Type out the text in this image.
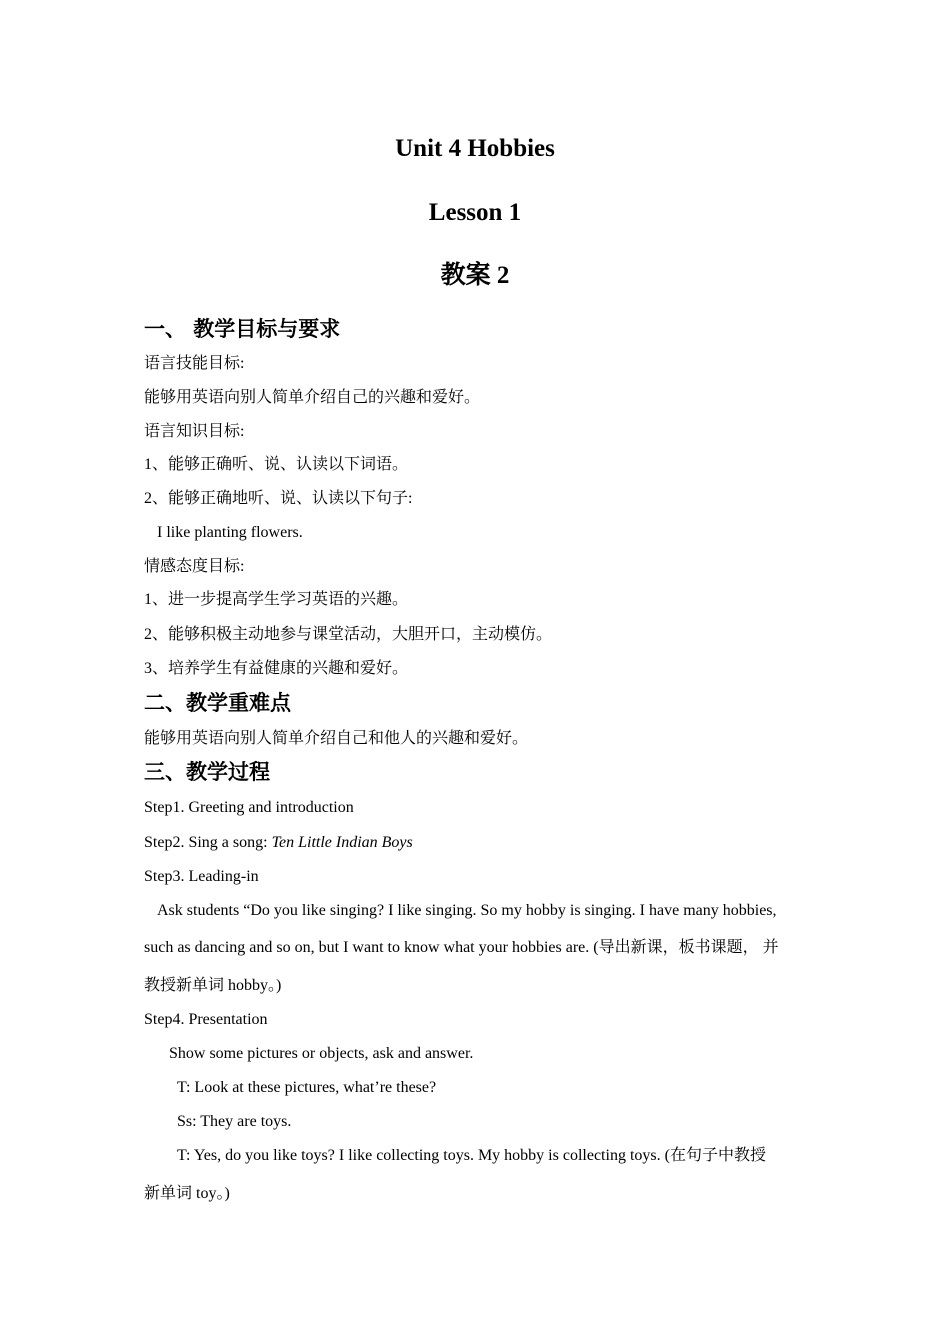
Unit 4 Hobbies
Lesson 1
教案 2
一、 教学目标与要求
语言技能目标:
能够用英语向别人简单介绍自己的兴趣和爱好。
语言知识目标:
1、能够正确听、说、认读以下词语。
2、能够正确地听、说、认读以下句子:
I like planting flowers.
情感态度目标:
1、进一步提高学生学习英语的兴趣。
2、能够积极主动地参与课堂活动，大胆开口，主动模仿。
3、培养学生有益健康的兴趣和爱好。
二、教学重难点
能够用英语向别人简单介绍自己和他人的兴趣和爱好。
三、教学过程
Step1. Greeting and introduction
Step2. Sing a song: Ten Little Indian Boys
Step3. Leading-in
Ask students “Do you like singing? I like singing. So my hobby is singing. I have many hobbies,
such as dancing and so on, but I want to know what your hobbies are. (导出新课，板书课题， 并
教授新单词 hobby。)
Step4. Presentation
Show some pictures or objects, ask and answer.
T: Look at these pictures, what’re these?
Ss: They are toys.
T: Yes, do you like toys? I like collecting toys. My hobby is collecting toys. (在句子中教授
新单词 toy。)
